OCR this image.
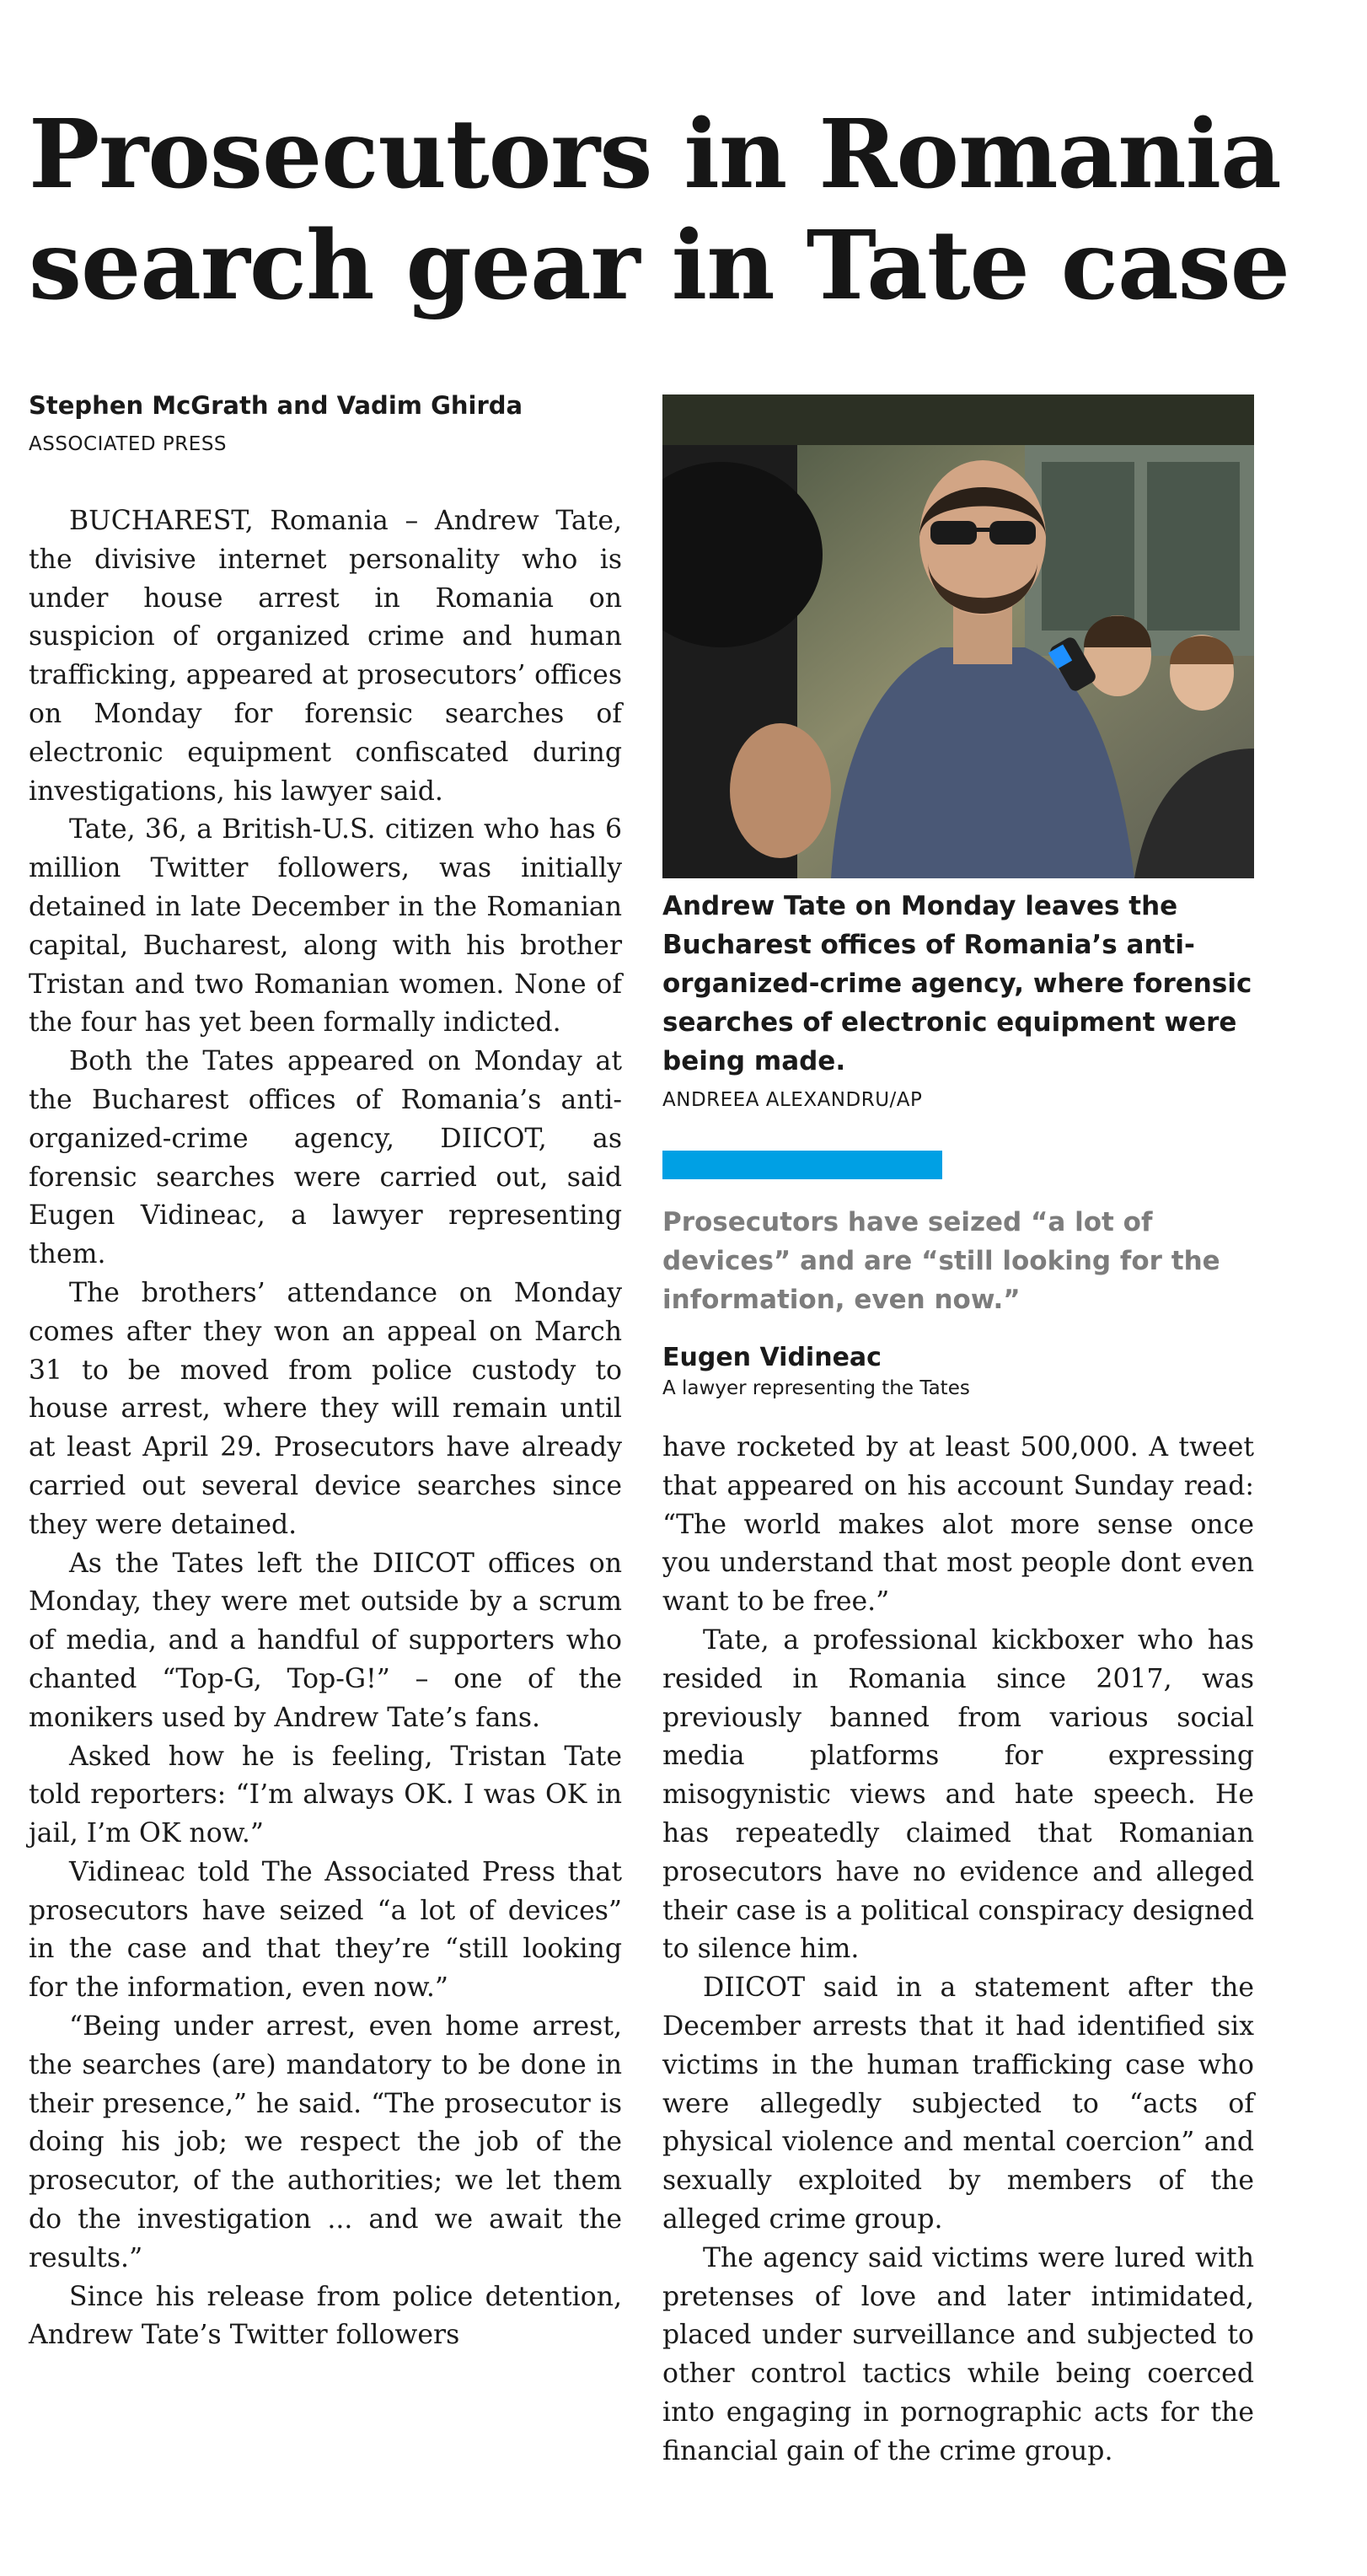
Prosecutors in Romania search gear in Tate case
Stephen McGrath and Vadim Ghirda
ASSOCIATED PRESS

BUCHAREST, Romania – Andrew Tate, the divisive internet personality who is under house arrest in Romania on suspicion of organized crime and human trafficking, appeared at prosecutors’ offices on Monday for forensic searches of electronic equipment confiscated during investigations, his lawyer said.

Tate, 36, a British-U.S. citizen who has 6 million Twitter followers, was initially detained in late December in the Romanian capital, Bucharest, along with his brother Tristan and two Romanian women. None of the four has yet been formally indicted.

Both the Tates appeared on Monday at the Bucharest offices of Romania’s anti-organized-crime agency, DIICOT, as forensic searches were carried out, said Eugen Vidineac, a lawyer representing them.

The brothers’ attendance on Monday comes after they won an appeal on March 31 to be moved from police custody to house arrest, where they will remain until at least April 29. Prosecutors have already carried out several device searches since they were detained.

As the Tates left the DIICOT offices on Monday, they were met outside by a scrum of media, and a handful of supporters who chanted “Top-G, Top-G!” – one of the monikers used by Andrew Tate’s fans.

Asked how he is feeling, Tristan Tate told reporters: “I’m always OK. I was OK in jail, I’m OK now.”

Vidineac told The Associated Press that prosecutors have seized “a lot of devices” in the case and that they’re “still looking for the information, even now.”

“Being under arrest, even home arrest, the searches (are) mandatory to be done in their presence,” he said. “The prosecutor is doing his job; we respect the job of the prosecutor, of the authorities; we let them do the investigation ... and we await the results.”

Since his release from police detention, Andrew Tate’s Twitter followers

Andrew Tate on Monday leaves the Bucharest offices of Romania’s anti-organized-crime agency, where forensic searches of electronic equipment were being made.
ANDREEA ALEXANDRU/AP
Prosecutors have seized “a lot of devices” and are “still looking for the information, even now.”
Eugen Vidineac
A lawyer representing the Tates

have rocketed by at least 500,000. A tweet that appeared on his account Sunday read: “The world makes alot more sense once you understand that most people dont even want to be free.”

Tate, a professional kickboxer who has resided in Romania since 2017, was previously banned from various social media platforms for expressing misogynistic views and hate speech. He has repeatedly claimed that Romanian prosecutors have no evidence and alleged their case is a political conspiracy designed to silence him.

DIICOT said in a statement after the December arrests that it had identified six victims in the human trafficking case who were allegedly subjected to “acts of physical violence and mental coercion” and sexually exploited by members of the alleged crime group.

The agency said victims were lured with pretenses of love and later intimidated, placed under surveillance and subjected to other control tactics while being coerced into engaging in pornographic acts for the financial gain of the crime group.
